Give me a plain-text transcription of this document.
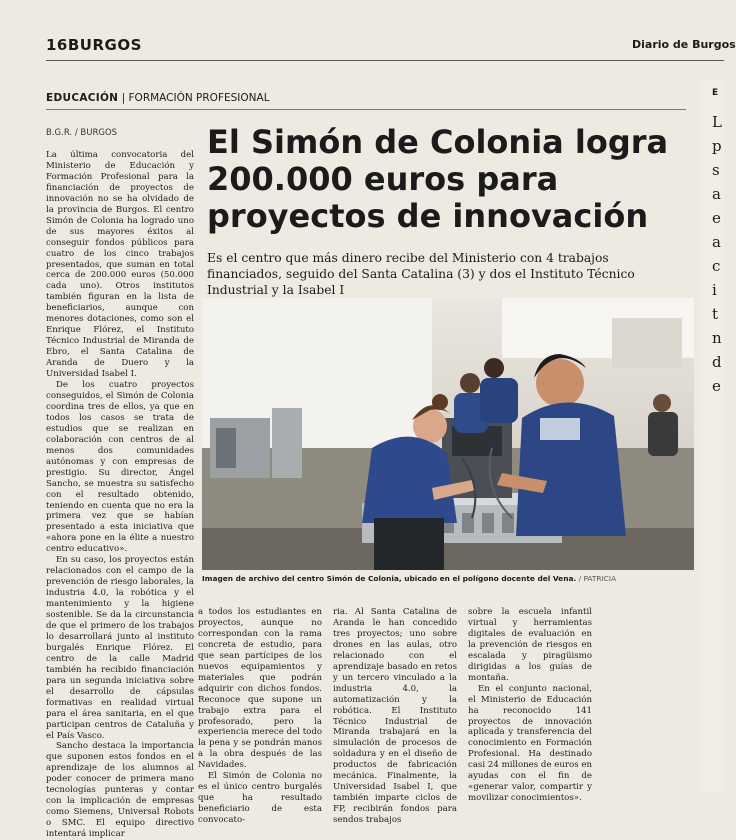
16BURGOS	Diario de Burgos
EDUCACIÓN | FORMACIÓN PROFESIONAL
B.G.R. / BURGOS	El Simón de Colonia logra 200.000 euros para proyectos de innovación
Es el centro que más dinero recibe del Ministerio con 4 trabajos financiados, seguido del Santa Catalina (3) y dos el Instituto Técnico Industrial y la Isabel I
Imagen de archivo del centro Simón de Colonia, ubicado en el polígono docente del Vena. / PATRICIA

La última convocatoria del Ministerio de Educación y Formación Profesional para la financiación de proyectos de innovación no se ha olvidado de la provincia de Burgos. El centro Simón de Colonia ha logrado uno de sus mayores éxitos al conseguir fondos públicos para cuatro de los cinco trabajos presentados, que suman en total cerca de 200.000 euros (50.000 cada uno). Otros institutos también figuran en la lista de beneficiarios, aunque con menores dotaciones, como son el Enrique Flórez, el Instituto Técnico Industrial de Miranda de Ebro, el Santa Catalina de Aranda de Duero y la Universidad Isabel I.

De los cuatro proyectos conseguidos, el Simón de Colonia coordina tres de ellos, ya que en todos los casos se trata de estudios que se realizan en colaboración con centros de al menos dos comunidades autónomas y con empresas de prestigio. Su director, Ángel Sancho, se muestra su satisfecho con el resultado obtenido, teniendo en cuenta que no era la primera vez que se habían presentado a esta iniciativa que «ahora pone en la élite a nuestro centro educativo».

En su caso, los proyectos están relacionados con el campo de la prevención de riesgo laborales, la industria 4.0, la robótica y el mantenimiento y la higiene sostenible. Se da la circunstancia de que el primero de los trabajos lo desarrollará junto al instituto burgalés Enrique Flórez. El centro de la calle Madrid también ha recibido financiación para un segunda iniciativa sobre el desarrollo de cápsulas formativas en realidad virtual para el área sanitaria, en el que participan centros de Cataluña y el País Vasco.

Sancho destaca la importancia que suponen estos fondos en el aprendizaje de los alumnos al poder conocer de primera mano tecnologías punteras y contar con la implicación de empresas como Siemens, Universal Robots o SMC. El equipo directivo intentará implicar

a todos los estudiantes en proyectos, aunque no correspondan con la rama concreta de estudio, para que sean partícipes de los nuevos equipamientos y materiales que podrán adquirir con dichos fondos. Reconoce que supone un trabajo extra para el profesorado, pero la experiencia merece del todo la pena y se pondrán manos a la obra después de las Navidades.

El Simón de Colonia no es el único centro burgalés que ha resultado beneficiario de esta convocato-

ria. Al Santa Catalina de Aranda le han concedido tres proyectos; uno sobre drones en las aulas, otro relacionado con el aprendizaje basado en retos y un tercero vinculado a la industria 4.0, la automatización y la robótica. El Instituto Técnico Industrial de Miranda trabajará en la simulación de procesos de soldadura y en el diseño de productos de fabricación mecánica. Finalmente, la Universidad Isabel I, que también imparte ciclos de FP, recibirán fondos para sendos trabajos

sobre la escuela infantil virtual y herramientas digitales de evaluación en la prevención de riesgos en escalada y piragüismo dirigidas a los guías de montaña.

En el conjunto nacional, el Ministerio de Educación ha reconocido 141 proyectos de innovación aplicada y transferencia del conocimiento en Formación Profesional. Ha destinado casi 24 millones de euros en ayudas con el fin de «generar valor, compartir y movilizar conocimientos».

E
L
p
s
a
e
a
c
i
t
n
d
e
